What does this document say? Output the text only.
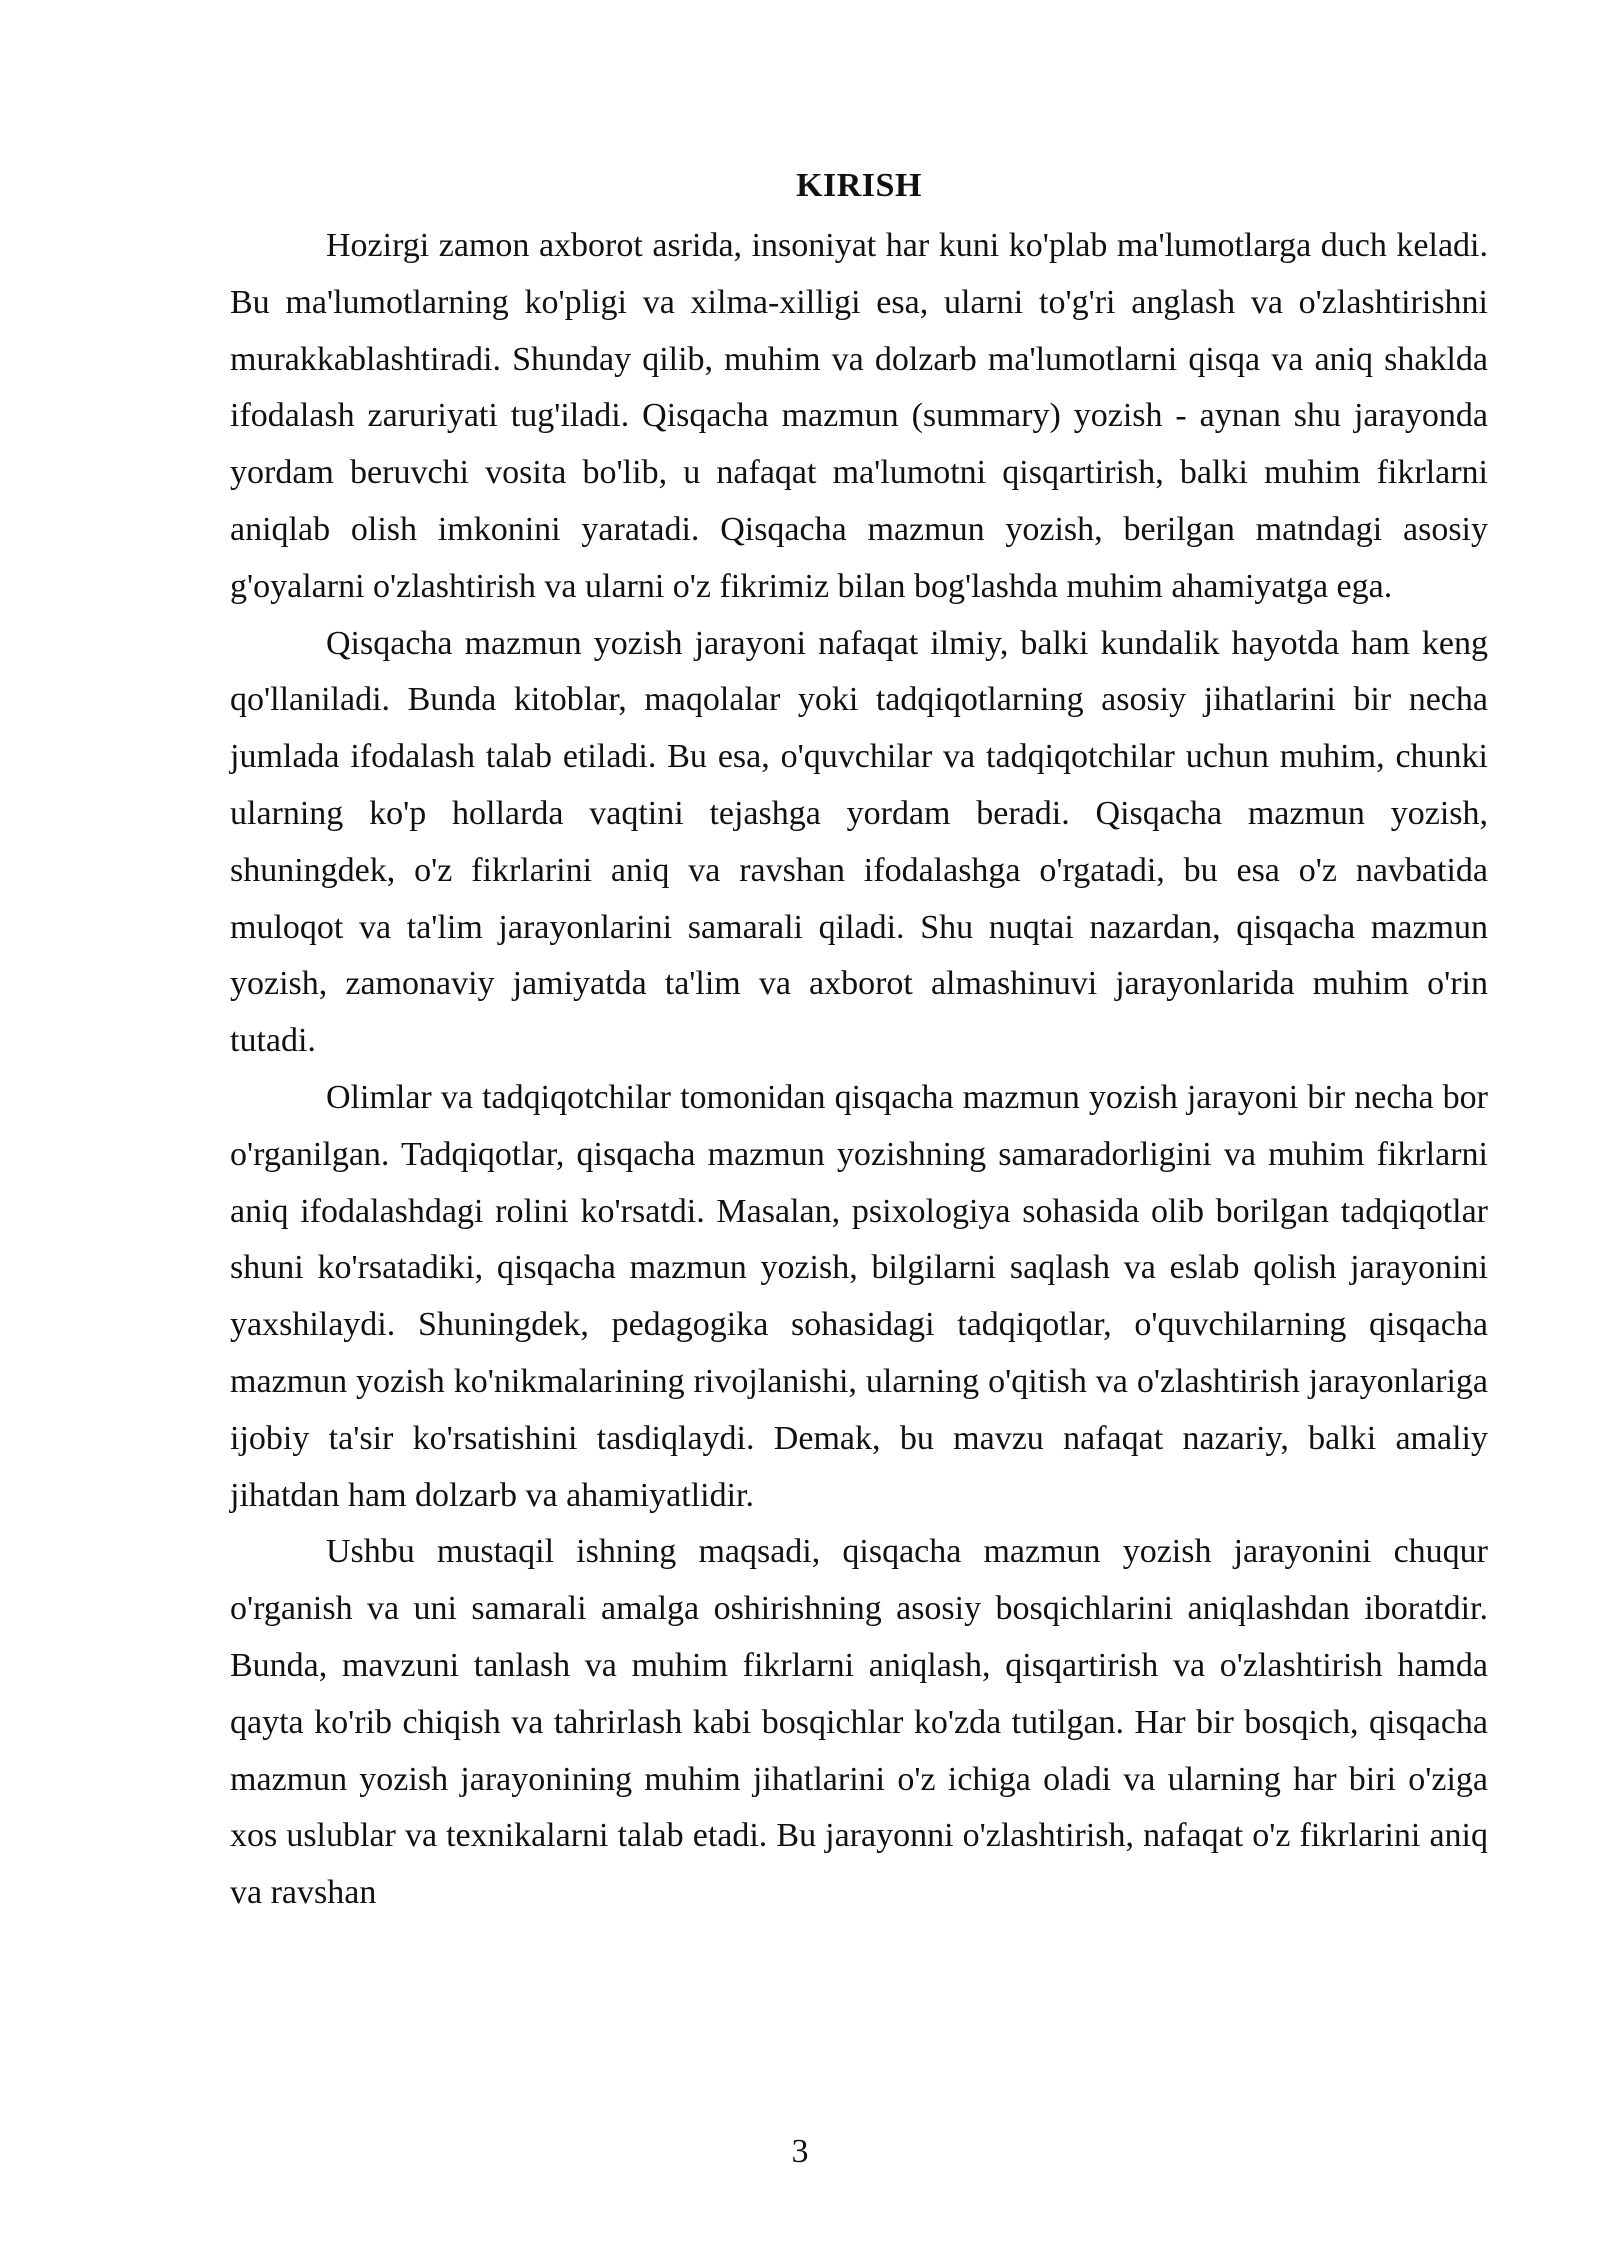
KIRISH

Hozirgi zamon axborot asrida, insoniyat har kuni ko'plab ma'lumotlarga duch keladi. Bu ma'lumotlarning ko'pligi va xilma-xilligi esa, ularni to'g'ri anglash va o'zlashtirishni murakkablashtiradi. Shunday qilib, muhim va dolzarb ma'lumotlarni qisqa va aniq shaklda ifodalash zaruriyati tug'iladi. Qisqacha mazmun (summary) yozish - aynan shu jarayonda yordam beruvchi vosita bo'lib, u nafaqat ma'lumotni qisqartirish, balki muhim fikrlarni aniqlab olish imkonini yaratadi. Qisqacha mazmun yozish, berilgan matndagi asosiy g'oyalarni o'zlashtirish va ularni o'z fikrimiz bilan bog'lashda muhim ahamiyatga ega.

Qisqacha mazmun yozish jarayoni nafaqat ilmiy, balki kundalik hayotda ham keng qo'llaniladi. Bunda kitoblar, maqolalar yoki tadqiqotlarning asosiy jihatlarini bir necha jumlada ifodalash talab etiladi. Bu esa, o'quvchilar va tadqiqotchilar uchun muhim, chunki ularning ko'p hollarda vaqtini tejashga yordam beradi. Qisqacha mazmun yozish, shuningdek, o'z fikrlarini aniq va ravshan ifodalashga o'rgatadi, bu esa o'z navbatida muloqot va ta'lim jarayonlarini samarali qiladi. Shu nuqtai nazardan, qisqacha mazmun yozish, zamonaviy jamiyatda ta'lim va axborot almashinuvi jarayonlarida muhim o'rin tutadi.

Olimlar va tadqiqotchilar tomonidan qisqacha mazmun yozish jarayoni bir necha bor o'rganilgan. Tadqiqotlar, qisqacha mazmun yozishning samaradorligini va muhim fikrlarni aniq ifodalashdagi rolini ko'rsatdi. Masalan, psixologiya sohasida olib borilgan tadqiqotlar shuni ko'rsatadiki, qisqacha mazmun yozish, bilgilarni saqlash va eslab qolish jarayonini yaxshilaydi. Shuningdek, pedagogika sohasidagi tadqiqotlar, o'quvchilarning qisqacha mazmun yozish ko'nikmalarining rivojlanishi, ularning o'qitish va o'zlashtirish jarayonlariga ijobiy ta'sir ko'rsatishini tasdiqlaydi. Demak, bu mavzu nafaqat nazariy, balki amaliy jihatdan ham dolzarb va ahamiyatlidir.

Ushbu mustaqil ishning maqsadi, qisqacha mazmun yozish jarayonini chuqur o'rganish va uni samarali amalga oshirishning asosiy bosqichlarini aniqlashdan iboratdir. Bunda, mavzuni tanlash va muhim fikrlarni aniqlash, qisqartirish va o'zlashtirish hamda qayta ko'rib chiqish va tahrirlash kabi bosqichlar ko'zda tutilgan. Har bir bosqich, qisqacha mazmun yozish jarayonining muhim jihatlarini o'z ichiga oladi va ularning har biri o'ziga xos uslublar va texnikalarni talab etadi. Bu jarayonni o'zlashtirish, nafaqat o'z fikrlarini aniq va ravshan

3
